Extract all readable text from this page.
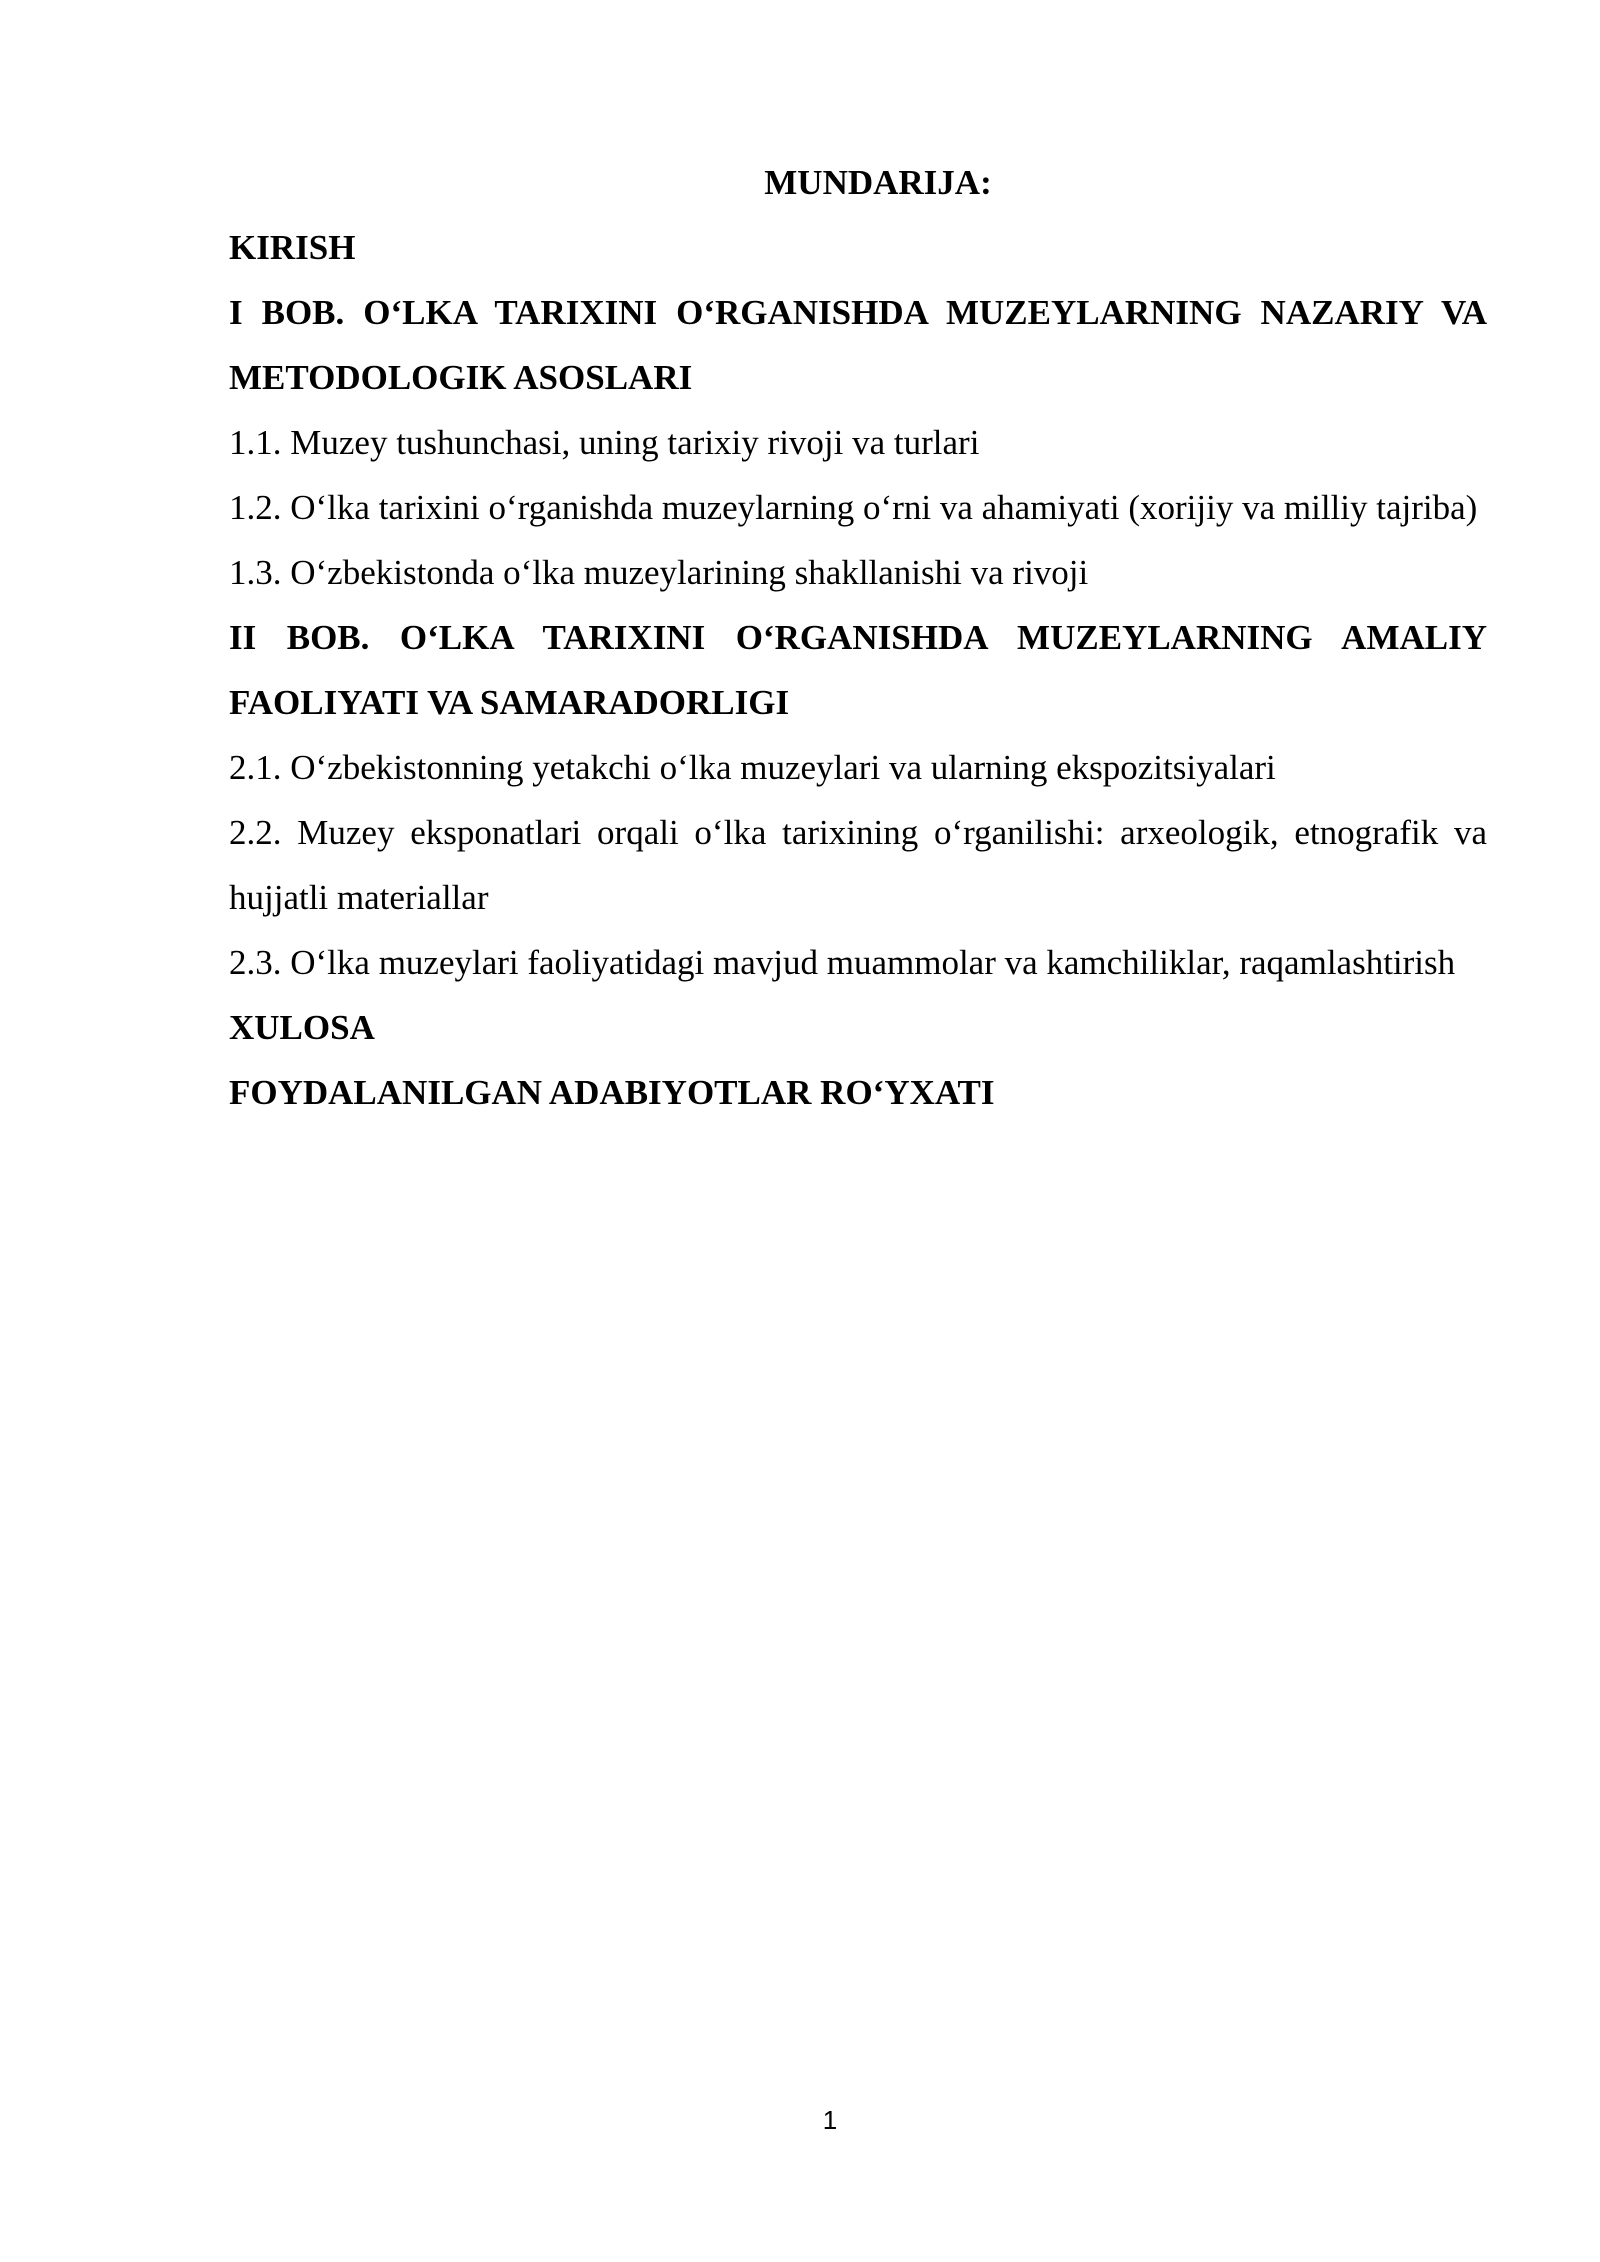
MUNDARIJA:

KIRISH

I BOB. O‘LKA TARIXINI O‘RGANISHDA MUZEYLARNING NAZARIY VA METODOLOGIK ASOSLARI

1.1. Muzey tushunchasi, uning tarixiy rivoji va turlari

1.2. O‘lka tarixini o‘rganishda muzeylarning o‘rni va ahamiyati (xorijiy va milliy tajriba)

1.3. O‘zbekistonda o‘lka muzeylarining shakllanishi va rivoji

II BOB. O‘LKA TARIXINI O‘RGANISHDA MUZEYLARNING AMALIY FAOLIYATI VA SAMARADORLIGI

2.1. O‘zbekistonning yetakchi o‘lka muzeylari va ularning ekspozitsiyalari

2.2. Muzey eksponatlari orqali o‘lka tarixining o‘rganilishi: arxeologik, etnografik va hujjatli materiallar

2.3. O‘lka muzeylari faoliyatidagi mavjud muammolar va kamchiliklar, raqamlashtirish

XULOSA

FOYDALANILGAN ADABIYOTLAR RO‘YXATI

1
